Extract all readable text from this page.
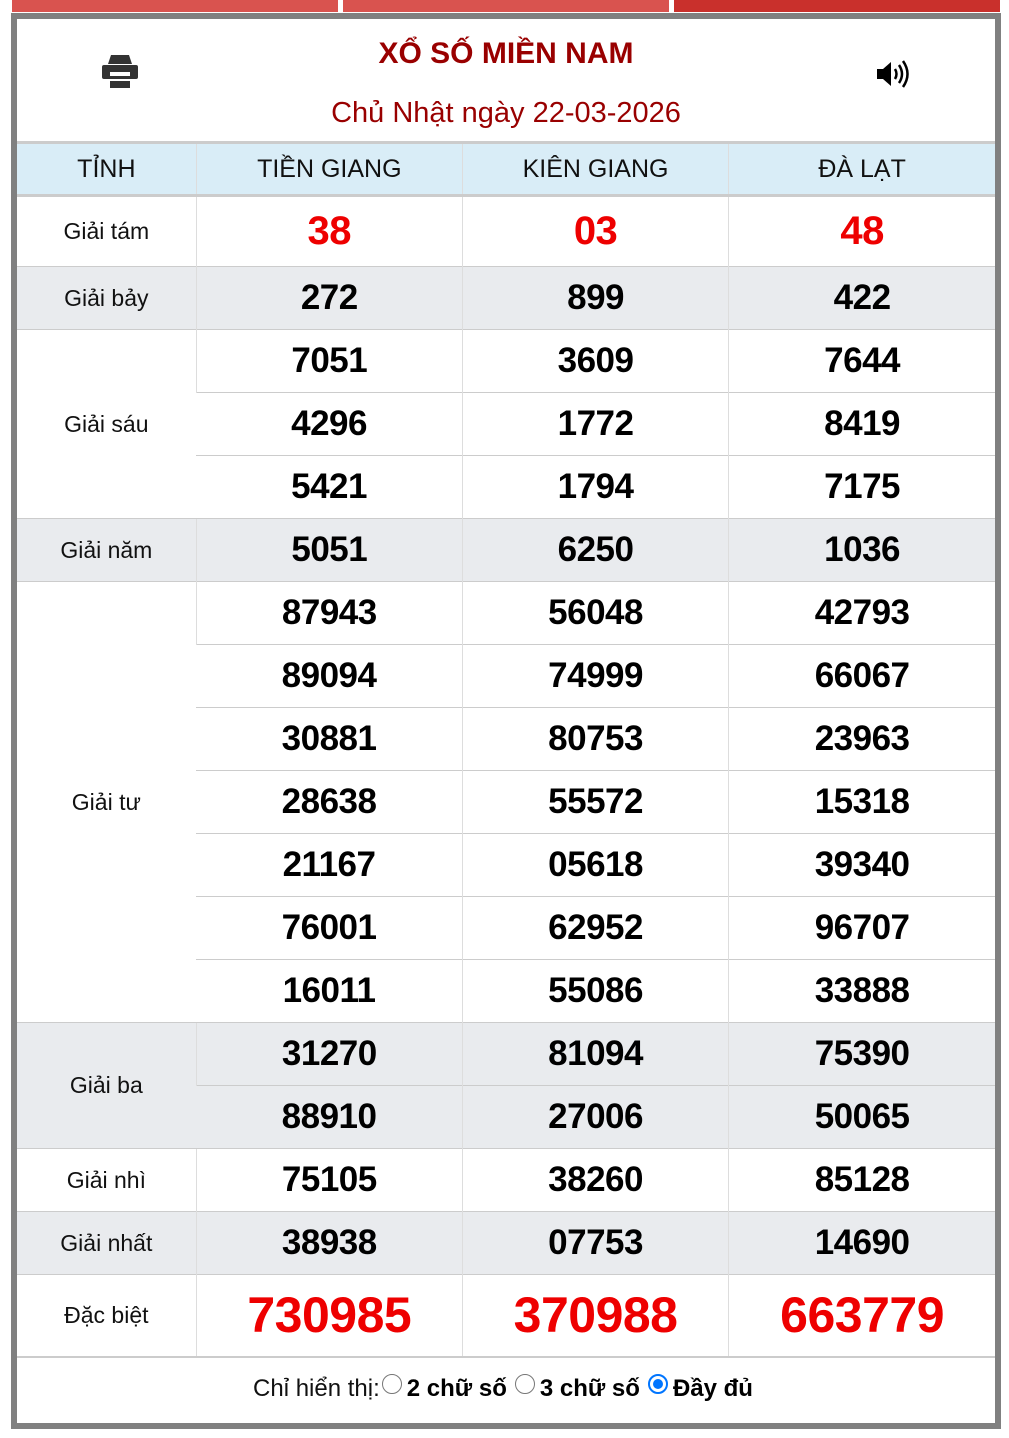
XỔ SỐ MIỀN NAM
Chủ Nhật ngày 22-03-2026
TỈNH	TIỀN GIANG	KIÊN GIANG	ĐÀ LẠT
Giải tám	38	03	48
Giải bảy	272	899	422
Giải sáu	7051	3609	7644
	4296	1772	8419
	5421	1794	7175
Giải năm	5051	6250	1036
Giải tư	87943	56048	42793
	89094	74999	66067
	30881	80753	23963
	28638	55572	15318
	21167	05618	39340
	76001	62952	96707
	16011	55086	33888
Giải ba	31270	81094	75390
	88910	27006	50065
Giải nhì	75105	38260	85128
Giải nhất	38938	07753	14690
Đặc biệt	730985	370988	663779
Chỉ hiển thị: 2 chữ số 3 chữ số Đầy đủ
